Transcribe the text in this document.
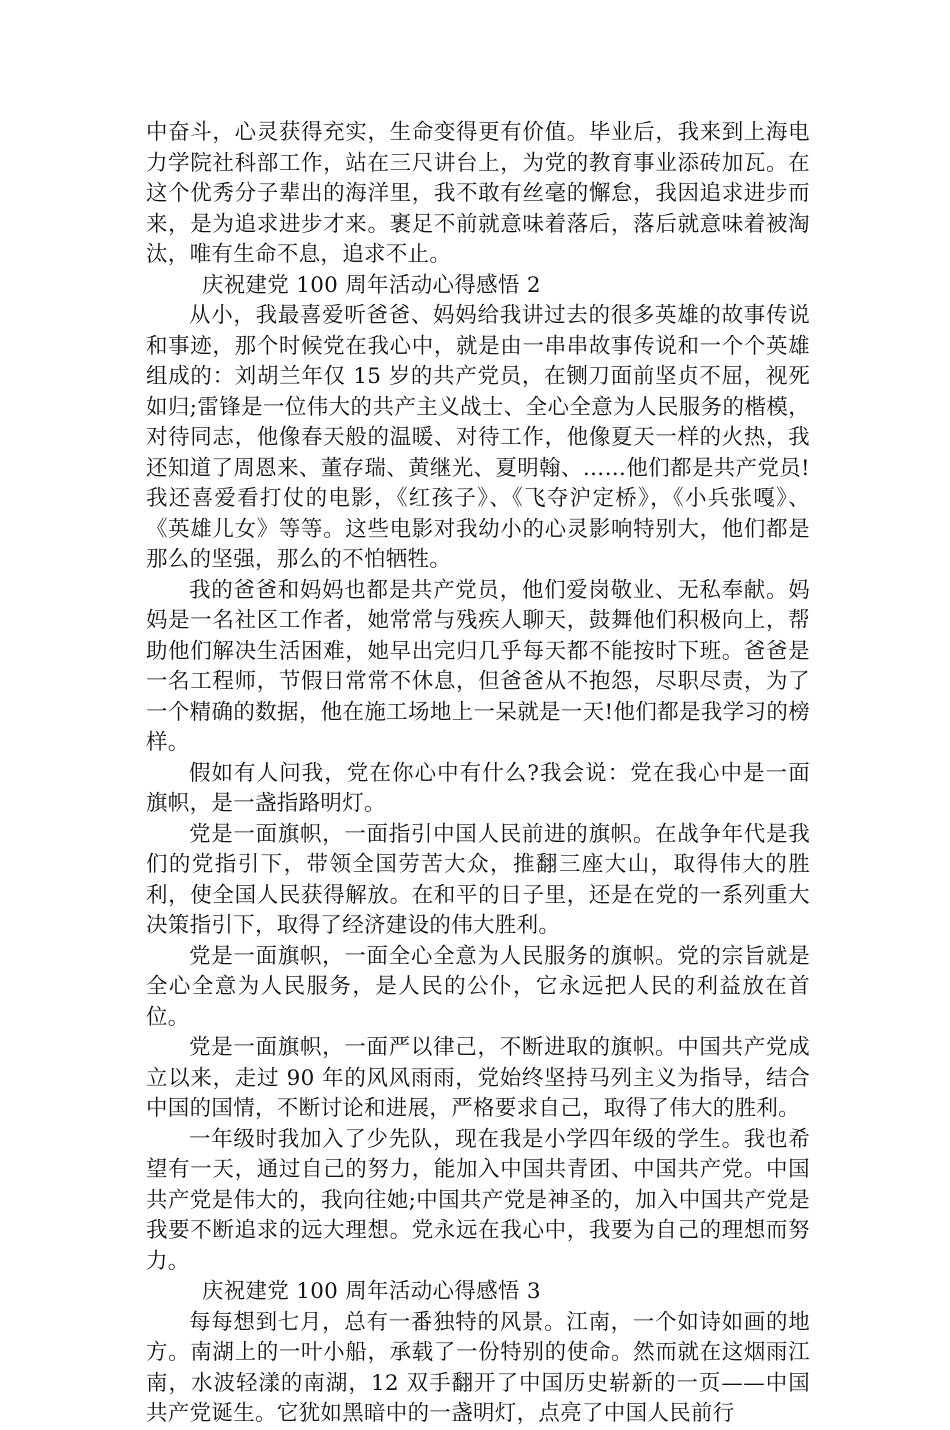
中奋斗，心灵获得充实，生命变得更有价值。毕业后，我来到上海电力学院社科部工作，站在三尺讲台上，为党的教育事业添砖加瓦。在这个优秀分子辈出的海洋里，我不敢有丝毫的懈怠，我因追求进步而来，是为追求进步才来。裹足不前就意味着落后，落后就意味着被淘汰，唯有生命不息，追求不止。

庆祝建党 100 周年活动心得感悟 2

从小，我最喜爱听爸爸、妈妈给我讲过去的很多英雄的故事传说和事迹，那个时候党在我心中，就是由一串串故事传说和一个个英雄组成的：刘胡兰年仅 15 岁的共产党员，在铡刀面前坚贞不屈，视死如归;雷锋是一位伟大的共产主义战士、全心全意为人民服务的楷模，对待同志，他像春天般的温暖、对待工作，他像夏天一样的火热，我还知道了周恩来、董存瑞、黄继光、夏明翰、……他们都是共产党员!我还喜爱看打仗的电影，《红孩子》、《飞夺沪定桥》，《小兵张嘎》、《英雄儿女》等等。这些电影对我幼小的心灵影响特别大，他们都是那么的坚强，那么的不怕牺牲。

我的爸爸和妈妈也都是共产党员，他们爱岗敬业、无私奉献。妈妈是一名社区工作者，她常常与残疾人聊天，鼓舞他们积极向上，帮助他们解决生活困难，她早出完归几乎每天都不能按时下班。爸爸是一名工程师，节假日常常不休息，但爸爸从不抱怨，尽职尽责，为了一个精确的数据，他在施工场地上一呆就是一天!他们都是我学习的榜样。

假如有人问我，党在你心中有什么?我会说：党在我心中是一面旗帜，是一盏指路明灯。

党是一面旗帜，一面指引中国人民前进的旗帜。在战争年代是我们的党指引下，带领全国劳苦大众，推翻三座大山，取得伟大的胜利，使全国人民获得解放。在和平的日子里，还是在党的一系列重大决策指引下，取得了经济建设的伟大胜利。

党是一面旗帜，一面全心全意为人民服务的旗帜。党的宗旨就是全心全意为人民服务，是人民的公仆，它永远把人民的利益放在首位。

党是一面旗帜，一面严以律己，不断进取的旗帜。中国共产党成立以来，走过 90 年的风风雨雨，党始终坚持马列主义为指导，结合中国的国情，不断讨论和进展，严格要求自己，取得了伟大的胜利。

一年级时我加入了少先队，现在我是小学四年级的学生。我也希望有一天，通过自己的努力，能加入中国共青团、中国共产党。中国共产党是伟大的，我向往她;中国共产党是神圣的，加入中国共产党是我要不断追求的远大理想。党永远在我心中，我要为自己的理想而努力。

庆祝建党 100 周年活动心得感悟 3

每每想到七月，总有一番独特的风景。江南，一个如诗如画的地方。南湖上的一叶小船，承载了一份特别的使命。然而就在这烟雨江南，水波轻漾的南湖，12 双手翻开了中国历史崭新的一页——中国共产党诞生。它犹如黑暗中的一盏明灯，点亮了中国人民前行
